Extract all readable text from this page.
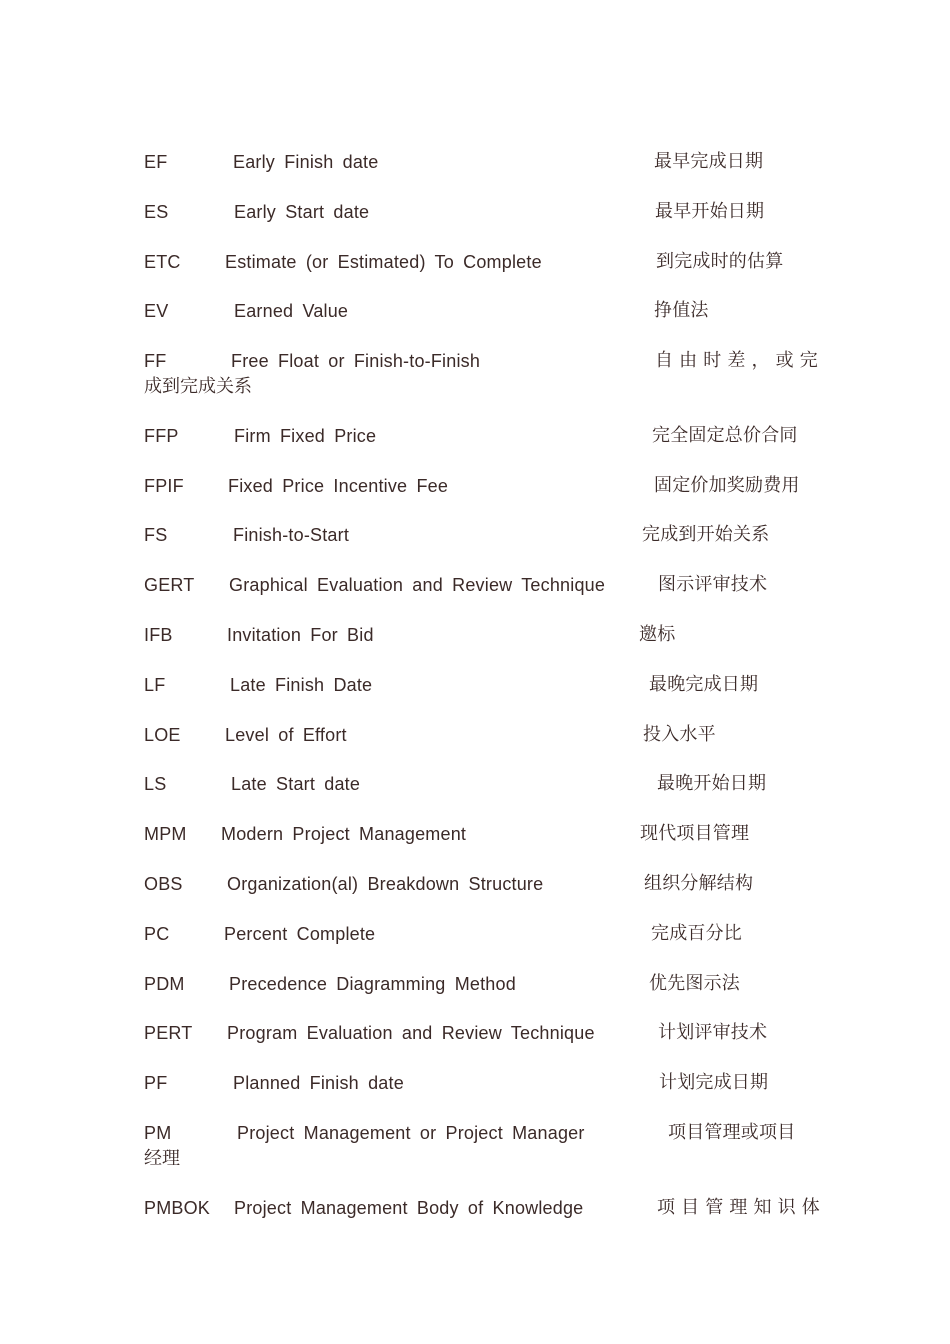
EF	Early Finish date	最早完成日期
ES	Early Start date	最早开始日期
ETC Estimate (or Estimated) To Complete	到完成时的估算
EV	Earned Value	挣值法
FF	Free Float or Finish-to-Finish	自 由 时 差 ， 或 完
成到完成关系
FFP	Firm Fixed Price	完全固定总价合同
FPIF Fixed Price Incentive Fee	固定价加奖励费用
FS	Finish-to-Start	完成到开始关系
GERT Graphical Evaluation and Review Technique	图示评审技术
IFB	Invitation For Bid	邀标
LF	Late Finish Date	最晚完成日期
LOE Level of Effort	投入水平
LS	Late Start date	最晚开始日期
MPM Modern Project Management	现代项目管理
OBS Organization(al) Breakdown Structure	组织分解结构
PC	Percent Complete	完成百分比
PDM Precedence Diagramming Method	优先图示法
PERT Program Evaluation and Review Technique	计划评审技术
PF	Planned Finish date	计划完成日期
PM	Project Management or Project Manager	项目管理或项目
经理
PMBOK Project Management Body of Knowledge	项 目 管 理 知 识 体
